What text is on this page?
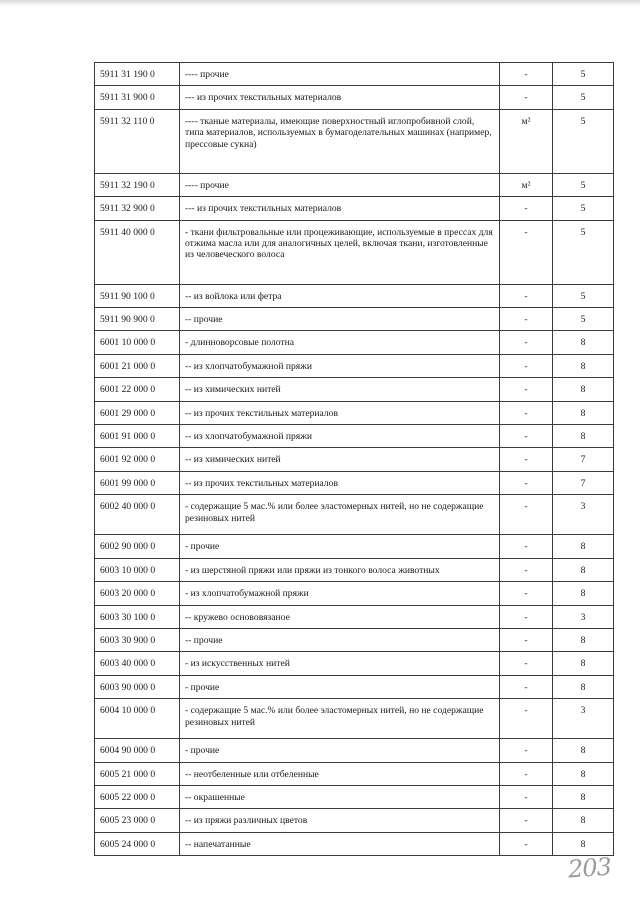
5911 31 190 0	---- прочие	-	5
5911 31 900 0	--- из прочих текстильных материалов	-	5
5911 32 110 0	---- тканые материалы, имеющие поверхностный иглопробивной слой, типа материалов, используемых в бумагоделательных машинах (например, прессовые сукна)	м²	5
5911 32 190 0	---- прочие	м²	5
5911 32 900 0	--- из прочих текстильных материалов	-	5
5911 40 000 0	- ткани фильтровальные или процеживающие, используемые в прессах для отжима масла или для аналогичных целей, включая ткани, изготовленные из человеческого волоса	-	5
5911 90 100 0	-- из войлока или фетра	-	5
5911 90 900 0	-- прочие	-	5
6001 10 000 0	- длинноворсовые полотна	-	8
6001 21 000 0	-- из хлопчатобумажной пряжи	-	8
6001 22 000 0	-- из химических нитей	-	8
6001 29 000 0	-- из прочих текстильных материалов	-	8
6001 91 000 0	-- из хлопчатобумажной пряжи	-	8
6001 92 000 0	-- из химических нитей	-	7
6001 99 000 0	-- из прочих текстильных материалов	-	7
6002 40 000 0	- содержащие 5 мас.% или более эластомерных нитей, но не содержащие резиновых нитей	-	3
6002 90 000 0	- прочие	-	8
6003 10 000 0	- из шерстяной пряжи или пряжи из тонкого волоса животных	-	8
6003 20 000 0	- из хлопчатобумажной пряжи	-	8
6003 30 100 0	-- кружево основовязаное	-	3
6003 30 900 0	-- прочие	-	8
6003 40 000 0	- из искусственных нитей	-	8
6003 90 000 0	- прочие	-	8
6004 10 000 0	- содержащие 5 мас.% или более эластомерных нитей, но не содержащие резиновых нитей	-	3
6004 90 000 0	- прочие	-	8
6005 21 000 0	-- неотбеленные или отбеленные	-	8
6005 22 000 0	-- окрашенные	-	8
6005 23 000 0	-- из пряжи различных цветов	-	8
6005 24 000 0	-- напечатанные	-	8
203
